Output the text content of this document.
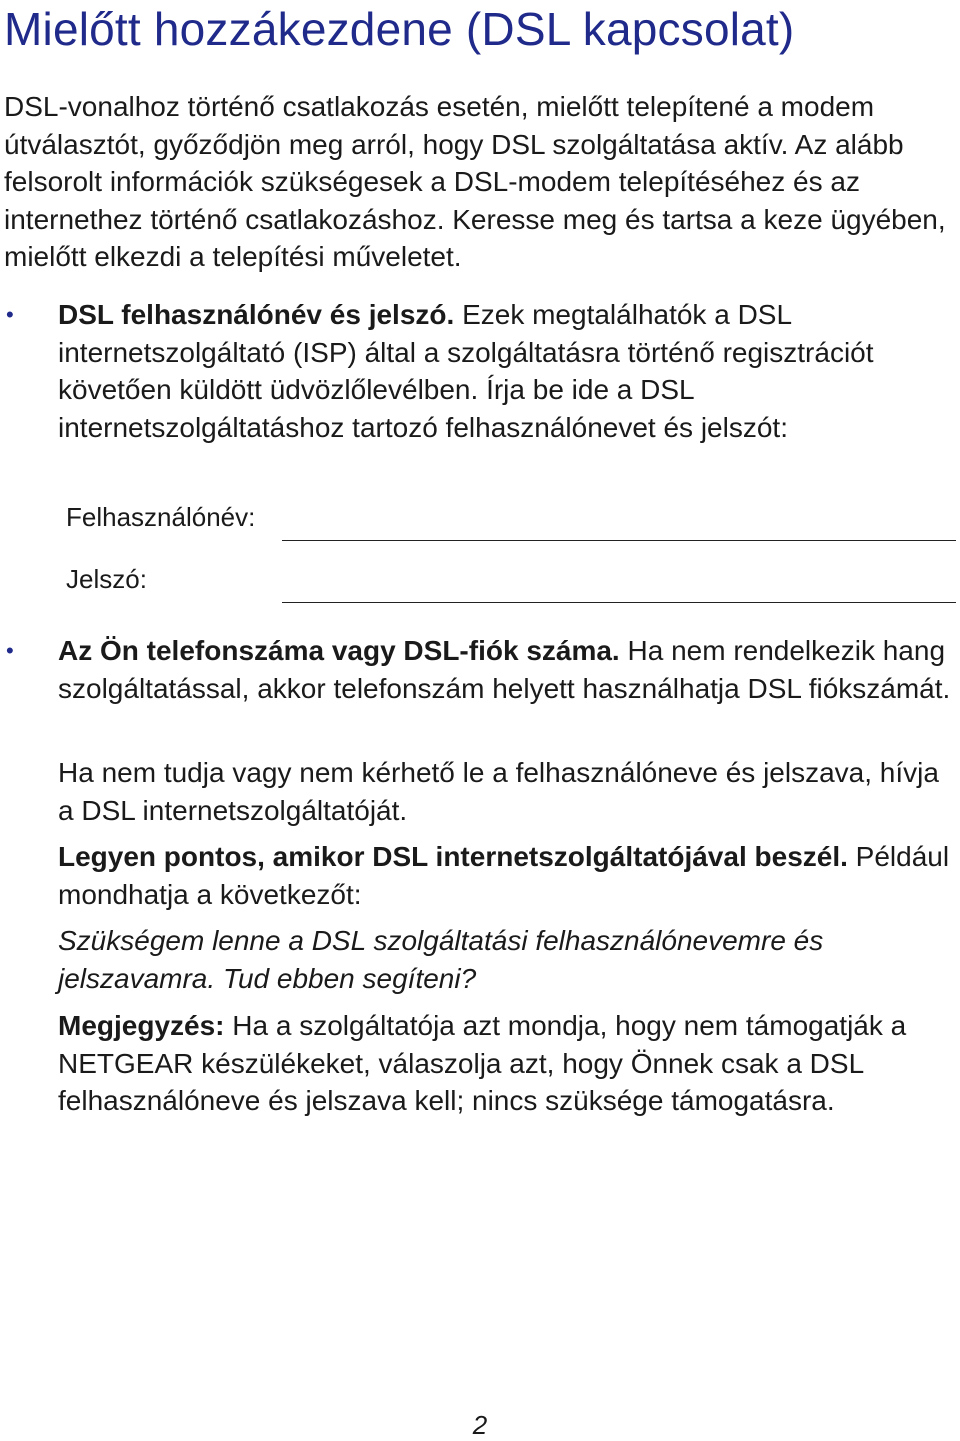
Mielőtt hozzákezdene (DSL kapcsolat)

DSL-vonalhoz történő csatlakozás esetén, mielőtt telepítené a modem útválasztót, győződjön meg arról, hogy DSL szolgáltatása aktív. Az alább felsorolt információk szükségesek a DSL-modem telepítéséhez és az internethez történő csatlakozáshoz. Keresse meg és tartsa a keze ügyében, mielőtt elkezdi a telepítési műveletet.

• DSL felhasználónév és jelszó. Ezek megtalálhatók a DSL internetszolgáltató (ISP) által a szolgáltatásra történő regisztrációt követően küldött üdvözlőlevélben. Írja be ide a DSL internetszolgáltatáshoz tartozó felhasználónevet és jelszót:

Felhasználónév:
Jelszó:
• Az Ön telefonszáma vagy DSL-fiók száma. Ha nem rendelkezik hang szolgáltatással, akkor telefonszám helyett használhatja DSL fiókszámát.

Ha nem tudja vagy nem kérhető le a felhasználóneve és jelszava, hívja a DSL internetszolgáltatóját.

Legyen pontos, amikor DSL internetszolgáltatójával beszél. Például mondhatja a következőt:

Szükségem lenne a DSL szolgáltatási felhasználónevemre és jelszavamra. Tud ebben segíteni?

Megjegyzés: Ha a szolgáltatója azt mondja, hogy nem támogatják a NETGEAR készülékeket, válaszolja azt, hogy Önnek csak a DSL felhasználóneve és jelszava kell; nincs szüksége támogatásra.

2
